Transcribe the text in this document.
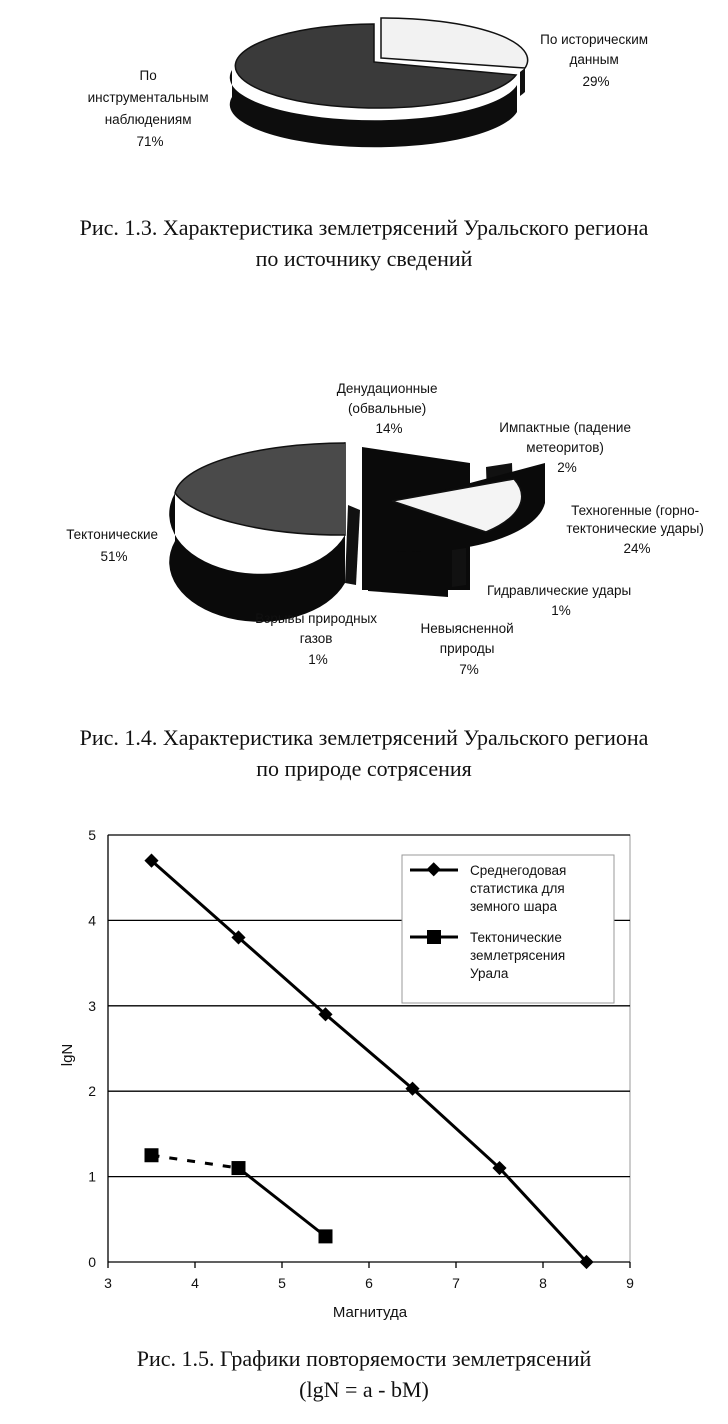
По инструментальным наблюдениям 71%
По историческим данным 29%
Рис. 1.3. Характеристика землетрясений Уральского региона
по источнику сведений
Денудационные (обвальные) 14%	Импактные (падение метеоритов) 2%
Техногенные (горно- тектонические удары) 24%
Тектонические 51%
Гидравлические удары 1%
Взрывы природных газов 1%
Невыясненной природы 7%
Рис. 1.4. Характеристика землетрясений Уральского региона
по природе сотрясения
0
1
2
3
4
5
3	4	5	6	7	8	9
Магнитуда
lgN
Среднегодовая статистика для земного шара
Тектонические землетрясения Урала
Рис. 1.5. Графики повторяемости землетрясений
(lgN = a - bM)
